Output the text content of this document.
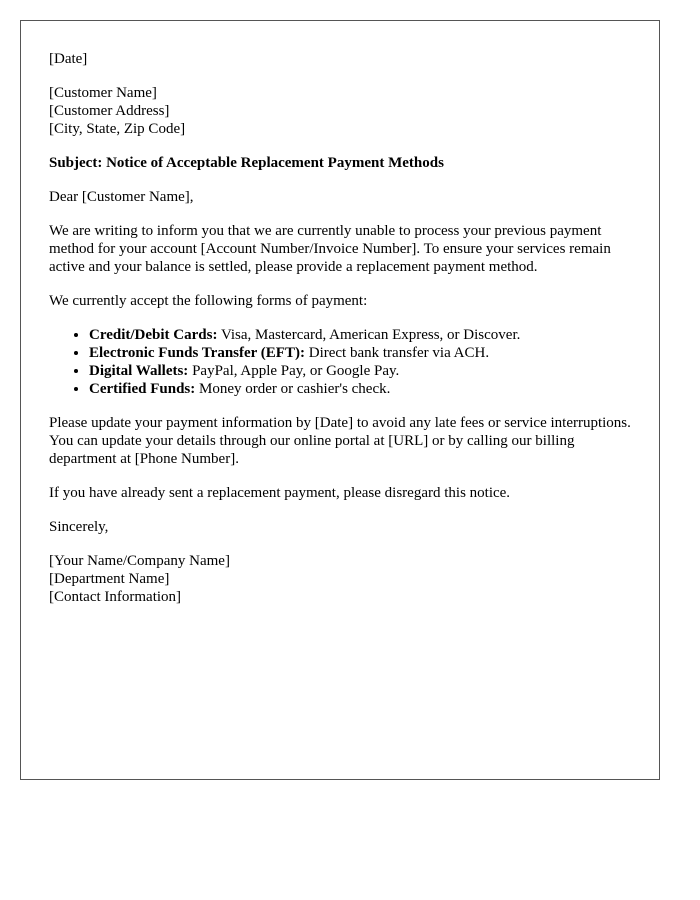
[Date]

[Customer Name]
[Customer Address]
[City, State, Zip Code]

Subject: Notice of Acceptable Replacement Payment Methods

Dear [Customer Name],

We are writing to inform you that we are currently unable to process your previous payment method for your account [Account Number/Invoice Number]. To ensure your services remain active and your balance is settled, please provide a replacement payment method.

We currently accept the following forms of payment:

• Credit/Debit Cards: Visa, Mastercard, American Express, or Discover.
• Electronic Funds Transfer (EFT): Direct bank transfer via ACH.
• Digital Wallets: PayPal, Apple Pay, or Google Pay.
• Certified Funds: Money order or cashier's check.

Please update your payment information by [Date] to avoid any late fees or service interruptions. You can update your details through our online portal at [URL] or by calling our billing department at [Phone Number].

If you have already sent a replacement payment, please disregard this notice.

Sincerely,

[Your Name/Company Name]
[Department Name]
[Contact Information]
